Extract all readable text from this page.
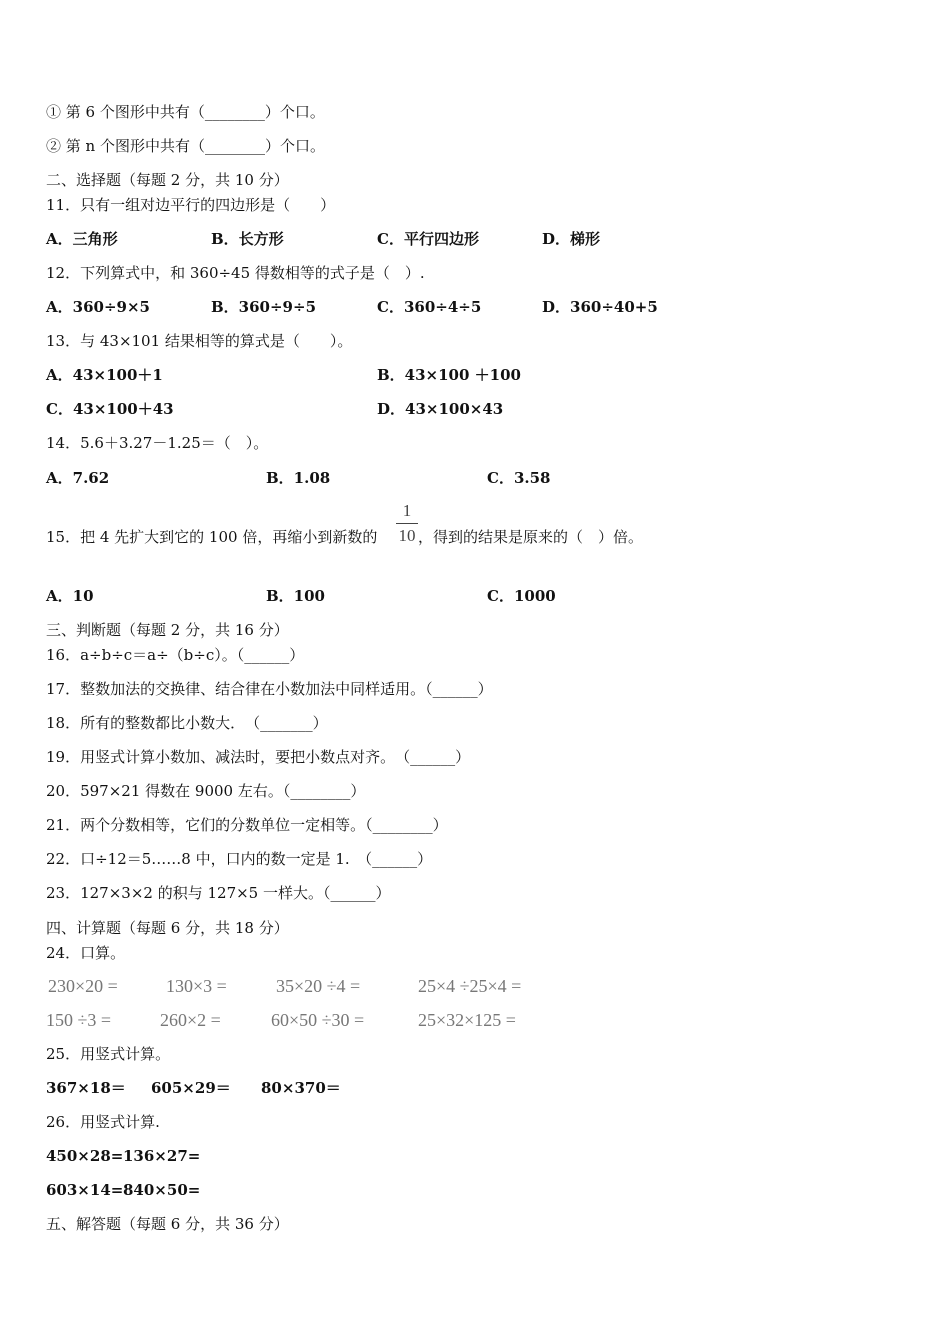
① 第 6 个图形中共有（________）个口。
② 第 n 个图形中共有（________）个口。
二、选择题（每题 2 分，共 10 分）
11．只有一组对边平行的四边形是（　　）
A．三角形	B．长方形	C．平行四边形	D．梯形
12．下列算式中，和 360÷45 得数相等的式子是（　）.
A．360÷9×5	B．360÷9÷5	C．360÷4÷5	D．360÷40+5
13．与 43×101 结果相等的算式是（　　）。
A．43×100＋1	B．43×100 ＋100
C．43×100＋43	D．43×100×43
14．5.6＋3.27－1.25＝（　）。
A．7.62	B．1.08	C．3.58
15．把 4 先扩大到它的 100 倍，再缩小到新数的
1
10 ，得到的结果是原来的（　）倍。
A．10	B．100	C．1000
三、判断题（每题 2 分，共 16 分）
16．a÷b÷c＝a÷（b÷c）。（______）
17．整数加法的交换律、结合律在小数加法中同样适用。（______）
18．所有的整数都比小数大．　（_______）
19．用竖式计算小数加、减法时，要把小数点对齐。　（______）
20．597×21 得数在 9000 左右。（________）
21．两个分数相等，它们的分数单位一定相等。（________）
22．口÷12＝5……8 中，口内的数一定是 1.　（______）
23．127×3×2 的积与 127×5 一样大。（______）
四、计算题（每题 6 分，共 18 分）
24．口算。
230×20 =	130×3 =	35×20 ÷4 =	25×4 ÷25×4 =
150 ÷3 =	260×2 =	60×50 ÷30 =	25×32×125 =
25．用竖式计算。
367×18＝ 605×29＝ 80×370＝
26．用竖式计算.
450×28= 136×27=
603×14= 840×50=
五、解答题（每题 6 分，共 36 分）
